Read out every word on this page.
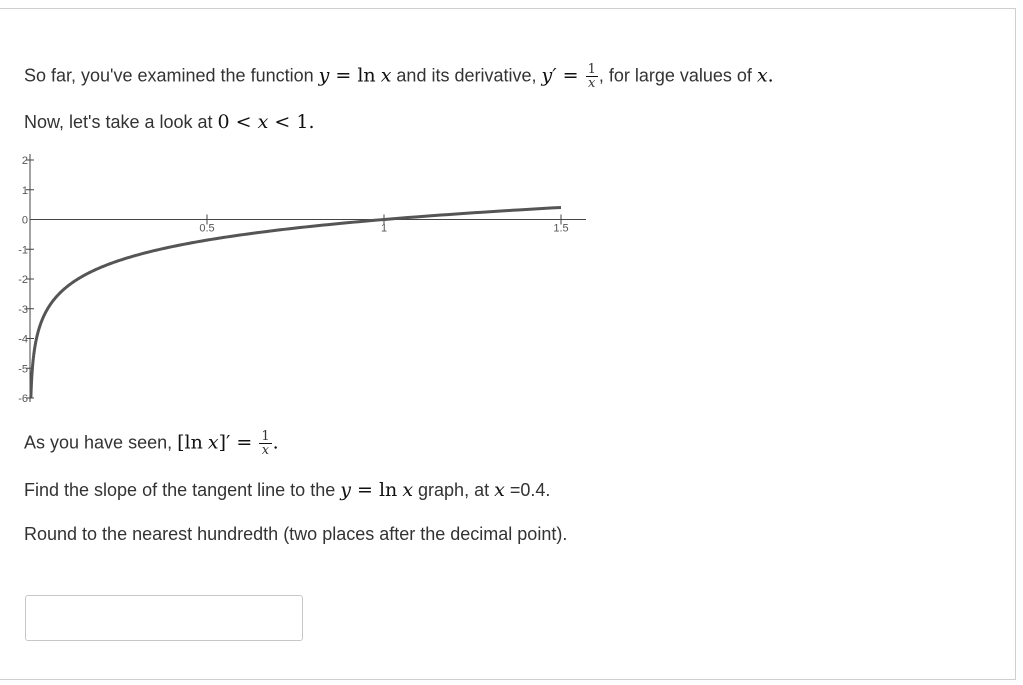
So far, you've examined the function y = ln x and its derivative, $y' = \frac{1}{x}$ , for large values of x.
Now, let's take a look at 0 < x < 1.
2
1
0
-1
-2
-3
-4
-5
-6
0.5	1	1.5
As you have seen, [ln $x]' = \frac{1}{x}$ .
Find the slope of the tangent line to the y = ln x graph, at x =0.4.
Round to the nearest hundredth (two places after the decimal point).
